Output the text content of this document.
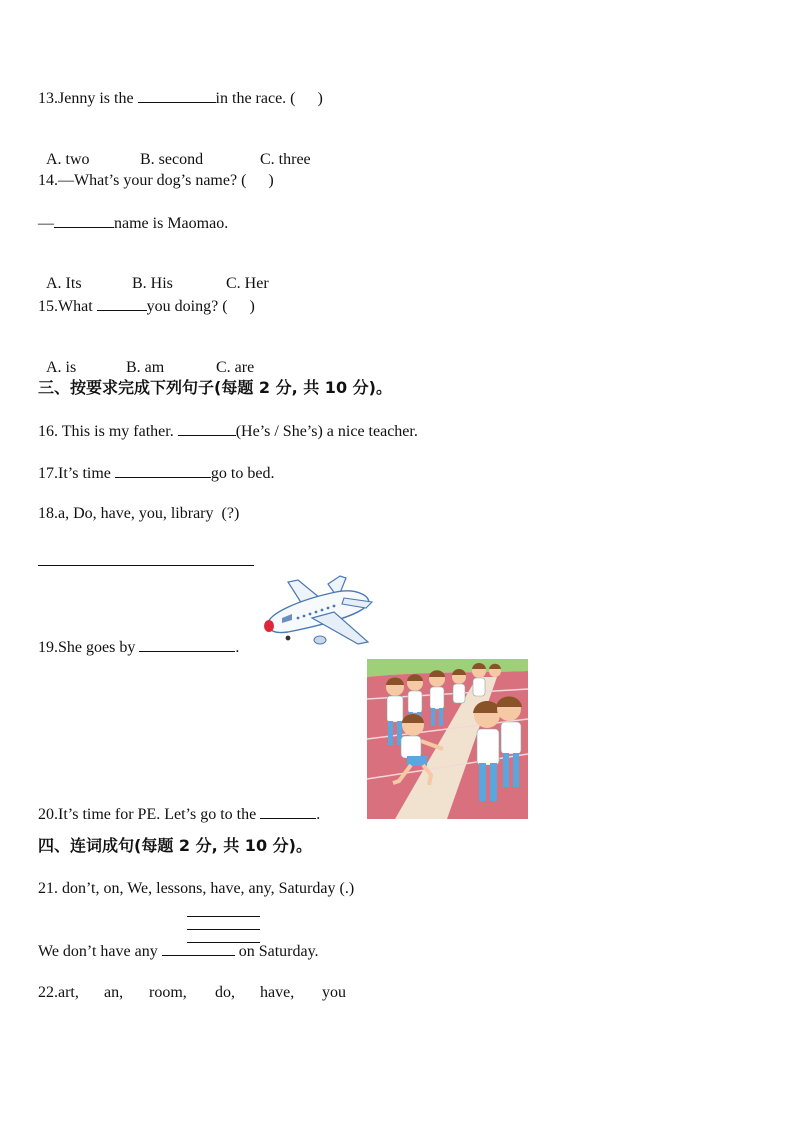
13.Jenny is the	in the race. ( )

A. two	B. second	C. three

14.—What’s your dog’s name? ( )
—	name is Maomao.

A. Its	B. His	C. Her

15.What	you doing? ( )

A. is	B. am	C. are

三、按要求完成下列句子(每题 2 分, 共 10 分)。
16. This is my father.	(He’s / She’s) a nice teacher.
17.It’s time	go to bed.
18.a, Do, have, you, library (?)
19.She goes by	.
20.It’s time for PE. Let’s go to the	.
四、连词成句(每题 2 分, 共 10 分)。
21. don’t, on, We, lessons, have, any, Saturday (.)
We don’t have any	on Saturday.
22.art, an, room, do, have, you
